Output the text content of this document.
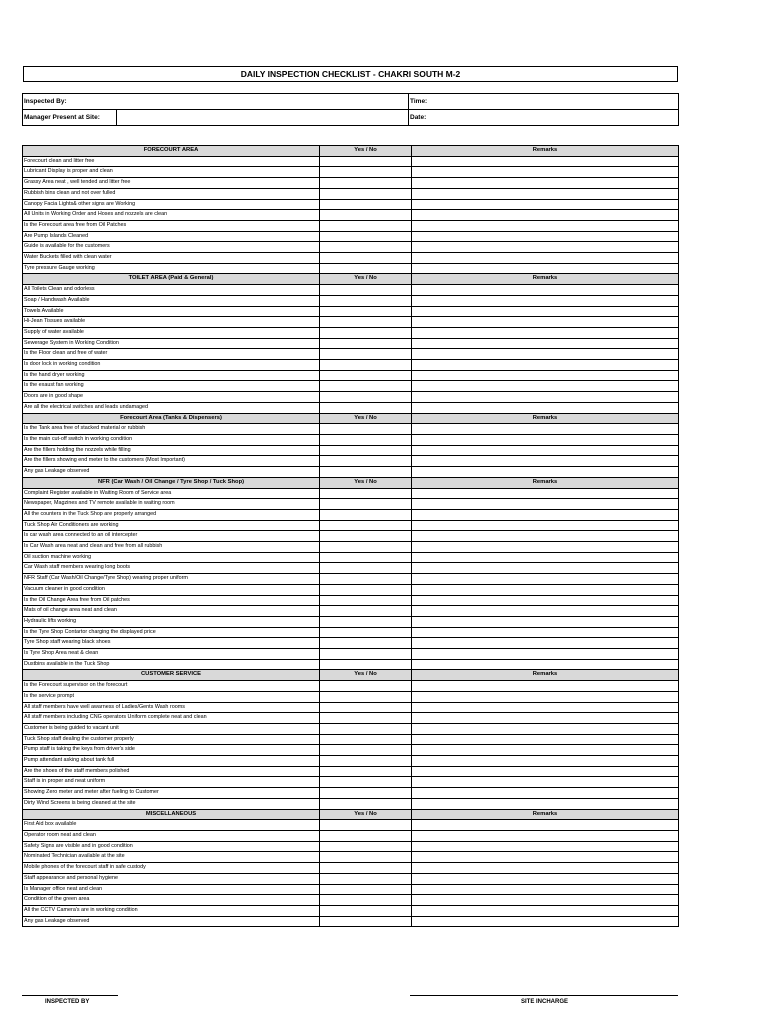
DAILY INSPECTION CHECKLIST - CHAKRI SOUTH M-2
Inspected By:		Time:
Manager Present at Site:		Date:
FORECOURT AREA	Yes / No	Remarks
Forecourt clean and litter free		
Lubricant Display is proper and clean		
Grassy Area neat , well tended and litter free		
Rubbish bins clean and not over fulled		
Canopy Facia Lights& other signs are Working		
All Units in Working Order and Hoses and nozzels are clean		
Is the Forecourt area free from Oil Patches		
Are Pump Islands Cleaned		
Guide is available for the customers		
Water Buckets filled with clean water		
Tyre pressure Gauge working		
TOILET AREA (Paid & General)	Yes / No	Remarks
All Toilets Clean and odorless		
Soap / Handwash Available		
Towels Available		
Hi-Jean Tissues available		
Supply of water available		
Sewerage System in Working Condition		
Is the Floor clean and free of water		
Is door lock in working condition		
Is the hand dryer working		
Is the exaust fan working		
Doors are in good shape		
Are all the electrical switches and leads undamaged		
Forecourt Area (Tanks & Dispensers)	Yes / No	Remarks
Is the Tank area free of stacked material or rubbish		
Is the main cut-off switch in working condition		
Are the fillers holding the nozzels while filling		
Are the fillers showing end meter to the customers (Most Important)		
Any gas Leakage observed		
NFR (Car Wash / Oil Change / Tyre Shop / Tuck Shop)	Yes / No	Remarks
Complaint Register available in Waiting Room of Service area		
Newspaper, Magzines and TV remote available in waiting room		
All the counters in the Tuck Shop are properly arranged		
Tuck Shop Air Conditioners are working		
Is car wash area connected to an oil intercepter		
Is Car Wash area neat and clean and free from all rubbish		
Oil suction machine working		
Car Wash staff members wearing long boots		
NFR Staff (Car Wash/Oil Change/Tyre Shop) wearing proper uniform		
Vacuum cleaner in good condition		
Is the Oil Change Area free from Oil patches		
Mats of oil change area neat and clean		
Hydraulic lifts working		
Is the Tyre Shop Contartor charging the displayed price		
Tyre Shop staff wearing black shoes		
Is Tyre Shop Area neat & clean		
Dustbins available in the Tuck Shop		
CUSTOMER SERVICE	Yes / No	Remarks
Is the Forecourt supervisor on the forecourt		
Is the service prompt		
All staff members have well awarness of Ladies/Gents Wash rooms		
All staff members including CNG operators Uniform complete neat and clean		
Customer is being guided to vacant unit		
Tuck Shop staff dealing the customer properly		
Pump staff is taking the keys from driver's side		
Pump attendant asking about tank full		
Are the shoes of the staff members polished		
Staff is in proper and neat uniform		
Showing Zero meter and meter after fueling to Customer		
Dirty Wind Screens is being cleaned at the site		
MISCELLANEOUS	Yes / No	Remarks
First Aid box available		
Operator room neat and clean		
Safety Signs are visible and in good condition		
Nominated Technician available at the site		
Mobile phones of the forecourt staff in safe custody		
Staff appearance and personal hygiene		
Is Manager office neat and clean		
Condition of the green area		
All the CCTV Camera's are in working condition		
Any gas Leakage observed		
INSPECTED BY	SITE INCHARGE
